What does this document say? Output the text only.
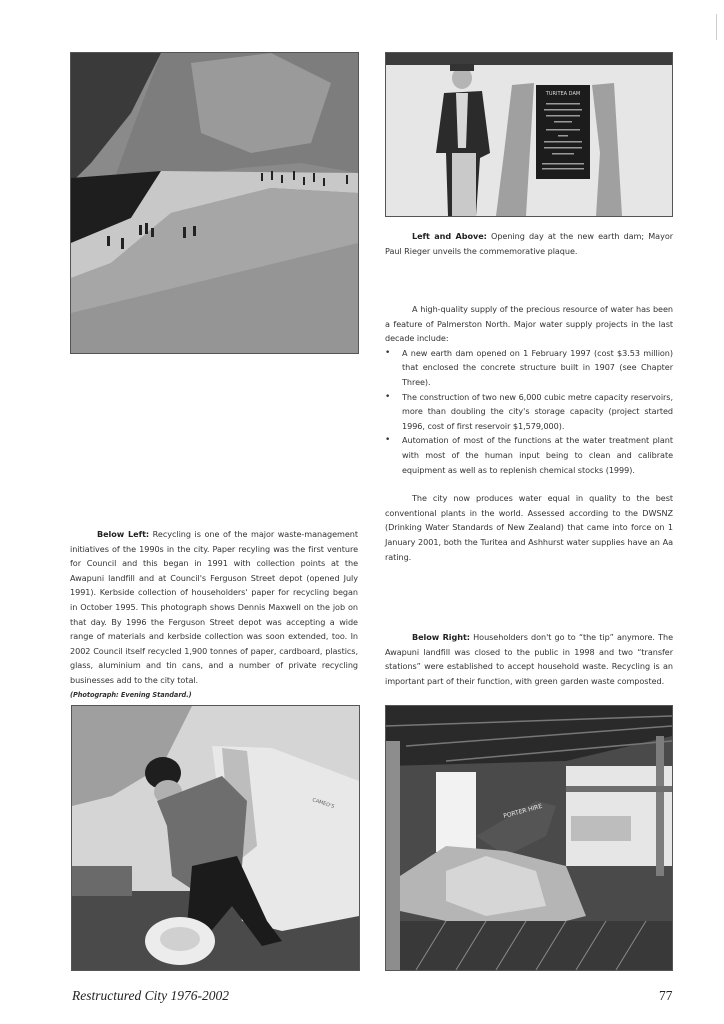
TURITEA DAM

Left and Above: Opening day at the new earth dam; Mayor Paul Rieger unveils the commemorative plaque.

A high-quality supply of the precious resource of water has been a feature of Palmerston North. Major water supply projects in the last decade include:

• A new earth dam opened on 1 February 1997 (cost $3.53 million) that enclosed the concrete structure built in 1907 (see Chapter Three).
• The construction of two new 6,000 cubic metre capacity reservoirs, more than doubling the city's storage capacity (project started 1996, cost of first reservoir $1,579,000).
• Automation of most of the functions at the water treatment plant with most of the human input being to clean and calibrate equipment as well as to replenish chemical stocks (1999).

The city now produces water equal in quality to the best conventional plants in the world. Assessed according to the DWSNZ (Drinking Water Standards of New Zealand) that came into force on 1 January 2001, both the Turitea and Ashhurst water supplies have an Aa rating.

Below Left: Recycling is one of the major waste-management initiatives of the 1990s in the city. Paper recyling was the first venture for Council and this began in 1991 with collection points at the Awapuni landfill and at Council's Ferguson Street depot (opened July 1991). Kerbside collection of householders' paper for recycling began in October 1995. This photograph shows Dennis Maxwell on the job on that day. By 1996 the Ferguson Street depot was accepting a wide range of materials and kerbside collection was soon extended, too. In 2002 Council itself recycled 1,900 tonnes of paper, cardboard, plastics, glass, aluminium and tin cans, and a number of private recycling businesses add to the city total.

(Photograph: Evening Standard.)

Below Right: Householders don't go to “the tip” anymore. The Awapuni landfill was closed to the public in 1998 and two “transfer stations” were established to accept household waste. Recycling is an important part of their function, with green garden waste composted.

CAMEO'S	PORTER HIRE
Restructured City 1976-2002	77
